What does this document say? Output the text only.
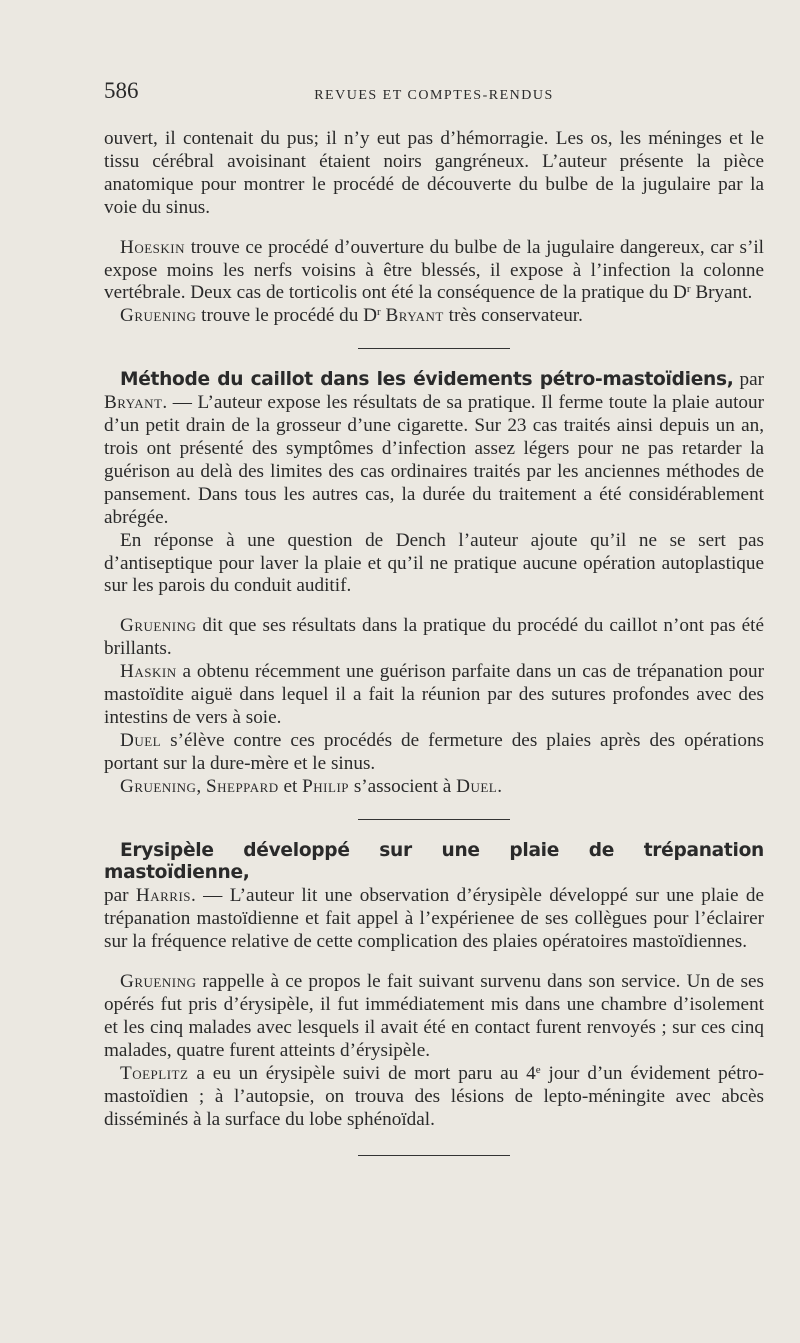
586	REVUES ET COMPTES-RENDUS

ouvert, il contenait du pus; il n’y eut pas d’hémorragie. Les os, les méninges et le tissu cérébral avoisinant étaient noirs gangréneux. L’auteur présente la pièce anatomique pour montrer le procédé de découverte du bulbe de la jugulaire par la voie du sinus.

Hoeskin trouve ce procédé d’ouverture du bulbe de la jugulaire dangereux, car s’il expose moins les nerfs voisins à être blessés, il expose à l’infection la colonne vertébrale. Deux cas de torticolis ont été la conséquence de la pratique du $D^r$ Bryant.

Gruening trouve le procédé du $D^r$ Bryant très conservateur.

Méthode du caillot dans les évidements pétro-mastoïdiens, par Bryant. — L’auteur expose les résultats de sa pratique. Il ferme toute la plaie autour d’un petit drain de la grosseur d’une cigarette. Sur 23 cas traités ainsi depuis un an, trois ont présenté des symptômes d’infection assez légers pour ne pas retarder la guérison au delà des limites des cas ordinaires traités par les anciennes méthodes de pansement. Dans tous les autres cas, la durée du traitement a été considérablement abrégée.

En réponse à une question de Dench l’auteur ajoute qu’il ne se sert pas d’antiseptique pour laver la plaie et qu’il ne pratique aucune opération autoplastique sur les parois du conduit auditif.

Gruening dit que ses résultats dans la pratique du procédé du caillot n’ont pas été brillants.

Haskin a obtenu récemment une guérison parfaite dans un cas de trépanation pour mastoïdite aiguë dans lequel il a fait la réunion par des sutures profondes avec des intestins de vers à soie.

Duel s’élève contre ces procédés de fermeture des plaies après des opérations portant sur la dure-mère et le sinus.

Gruening, Sheppard et Philip s’associent à Duel.

Erysipèle développé sur une plaie de trépanation mastoïdienne,
par Harris. — L’auteur lit une observation d’érysipèle développé sur une plaie de trépanation mastoïdienne et fait appel à l’expérienee de ses collègues pour l’éclairer sur la fréquence relative de cette complication des plaies opératoires mastoïdiennes.

Gruening rappelle à ce propos le fait suivant survenu dans son service. Un de ses opérés fut pris d’érysipèle, il fut immédiatement mis dans une chambre d’isolement et les cinq malades avec lesquels il avait été en contact furent renvoyés ; sur ces cinq malades, quatre furent atteints d’érysipèle.

Toeplitz a eu un érysipèle suivi de mort paru au 4e jour d’un évidement pétro-mastoïdien ; à l’autopsie, on trouva des lésions de lepto-méningite avec abcès disséminés à la surface du lobe sphénoïdal.
